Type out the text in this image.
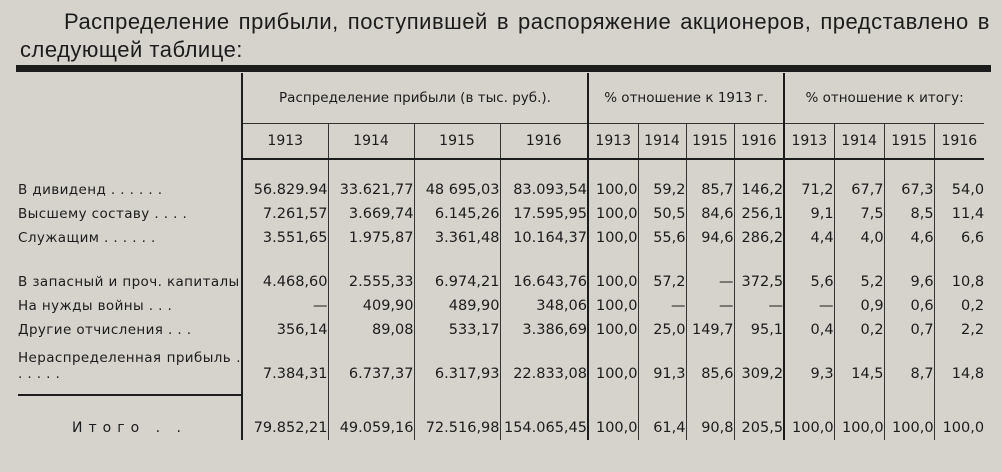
Распределение прибыли, поступившей в распоряжение акционеров, представлено в следующей таблице:

	Распределение прибыли (в тыс. руб.).				% отношение к 1913 г.				% отношение к итогу:			
	1913	1914	1915	1916	1913	1914	1915	1916	1913	1914	1915	1916
В дивиденд . . . . . .	56.829.94	33.621,77	48 695,03	83.093,54	100,0	59,2	85,7	146,2	71,2	67,7	67,3	54,0
Высшему составу . . . .	7.261,57	3.669,74	6.145,26	17.595,95	100,0	50,5	84,6	256,1	9,1	7,5	8,5	11,4
Служащим . . . . . .	3.551,65	1.975,87	3.361,48	10.164,37	100,0	55,6	94,6	286,2	4,4	4,0	4,6	6,6
В запасный и проч. капиталы	4.468,60	2.555,33	6.974,21	16.643,76	100,0	57,2	—	372,5	5,6	5,2	9,6	10,8
На нужды войны . . .	—	409,90	489,90	348,06	100,0	—	—	—	—	0,9	0,6	0,2
Другие отчисления . . .	356,14	89,08	533,17	3.386,69	100,0	25,0	149,7	95,1	0,4	0,2	0,7	2,2
Нераспределенная прибыль . . . . . .	7.384,31	6.737,37	6.317,93	22.833,08	100,0	91,3	85,6	309,2	9,3	14,5	8,7	14,8

Итого . .	79.852,21	49.059,16	72.516,98	154.065,45	100,0	61,4	90,8	205,5	100,0	100,0	100,0	100,0
